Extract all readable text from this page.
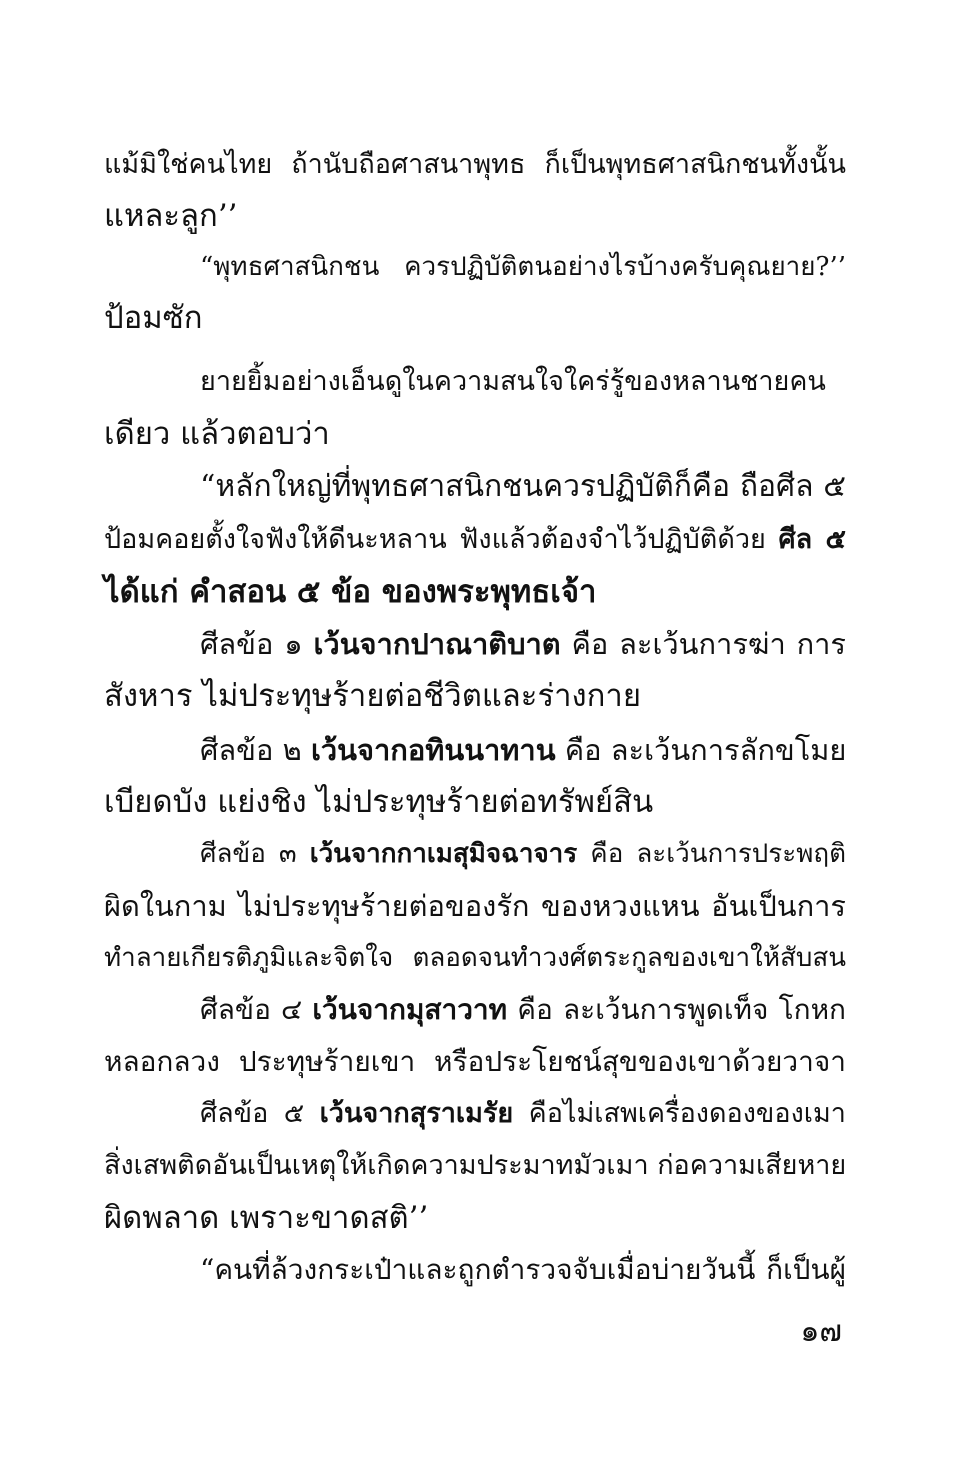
แม้มิใช่คนไทย ถ้านับถือศาสนาพุทธ ก็เป็นพุทธศาสนิกชนทั้งนั้น
แหละลูก’’
“พุทธศาสนิกชน ควรปฏิบัติตนอย่างไรบ้างครับคุณยาย?’’
ป้อมซัก
ยายยิ้มอย่างเอ็นดูในความสนใจใคร่รู้ของหลานชายคน
เดียว แล้วตอบว่า
“หลักใหญ่ที่พุทธศาสนิกชนควรปฏิบัติก็คือ ถือศีล ๕
ป้อมคอยตั้งใจฟังให้ดีนะหลาน ฟังแล้วต้องจำไว้ปฏิบัติด้วย ศีล ๕
ได้แก่ คำสอน ๕ ข้อ ของพระพุทธเจ้า
ศีลข้อ ๑ เว้นจากปาณาติบาต คือ ละเว้นการฆ่า การ
สังหาร ไม่ประทุษร้ายต่อชีวิตและร่างกาย
ศีลข้อ ๒ เว้นจากอทินนาทาน คือ ละเว้นการลักขโมย
เบียดบัง แย่งชิง ไม่ประทุษร้ายต่อทรัพย์สิน
ศีลข้อ ๓ เว้นจากกาเมสุมิจฉาจาร คือ ละเว้นการประพฤติ
ผิดในกาม ไม่ประทุษร้ายต่อของรัก ของหวงแหน อันเป็นการ
ทำลายเกียรติภูมิและจิตใจ ตลอดจนทำวงศ์ตระกูลของเขาให้สับสน
ศีลข้อ ๔ เว้นจากมุสาวาท คือ ละเว้นการพูดเท็จ โกหก
หลอกลวง ประทุษร้ายเขา หรือประโยชน์สุขของเขาด้วยวาจา
ศีลข้อ ๕ เว้นจากสุราเมรัย คือไม่เสพเครื่องดองของเมา
สิ่งเสพติดอันเป็นเหตุให้เกิดความประมาทมัวเมา ก่อความเสียหาย
ผิดพลาด เพราะขาดสติ’’
“คนที่ล้วงกระเป๋าและถูกตำรวจจับเมื่อบ่ายวันนี้ ก็เป็นผู้
๑๗
